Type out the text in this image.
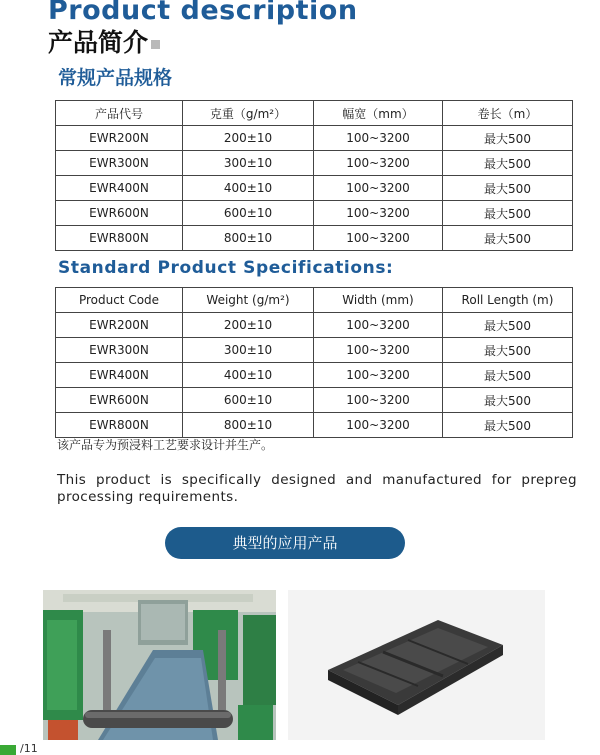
Product description
产品简介
常规产品规格
产品代号	克重（g/m²）	幅宽（mm）	卷长（m）
EWR200N	200±10	100~3200	最大500
EWR300N	300±10	100~3200	最大500
EWR400N	400±10	100~3200	最大500
EWR600N	600±10	100~3200	最大500
EWR800N	800±10	100~3200	最大500
Standard Product Specifications:
Product Code	Weight (g/m²)	Width (mm)	Roll Length (m)
EWR200N	200±10	100~3200	最大500
EWR300N	300±10	100~3200	最大500
EWR400N	400±10	100~3200	最大500
EWR600N	600±10	100~3200	最大500
EWR800N	800±10	100~3200	最大500

该产品专为预浸料工艺要求设计并生产。

This product is specifically designed and manufactured for prepreg processing requirements.

典型的应用产品
/11
